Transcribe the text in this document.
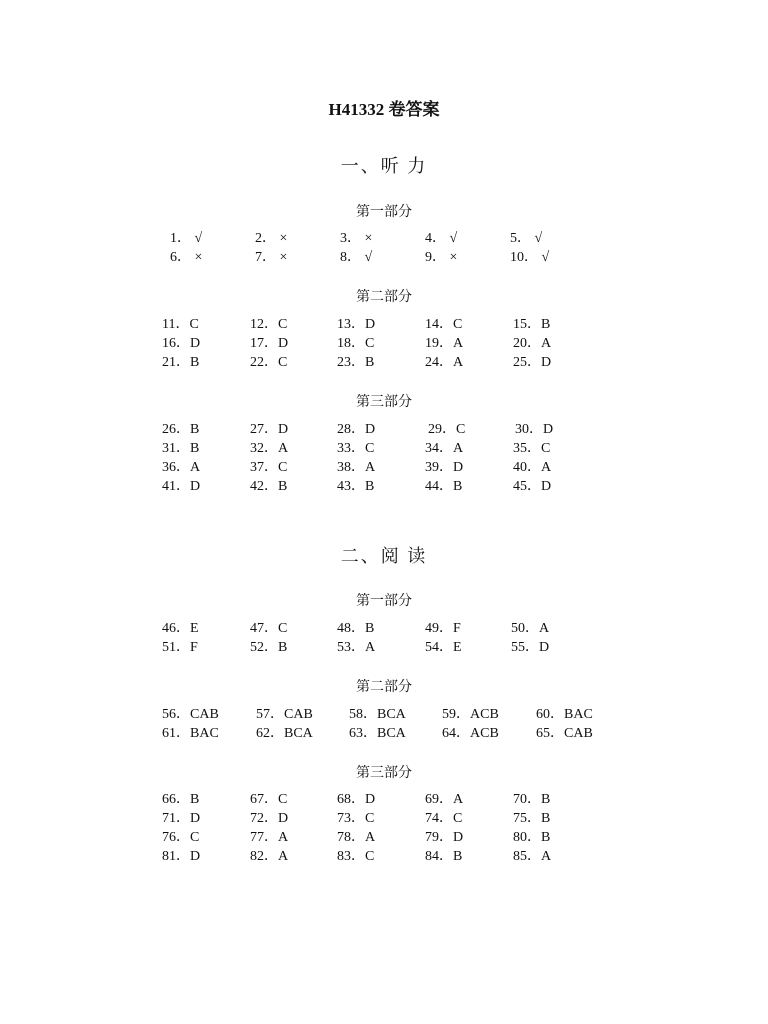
H41332 卷答案
一、听 力
第一部分
1． √	2． ×	3． ×	4． √	5． √
6． ×	7． ×	8． √	9． ×	10． √
第二部分
11．C	12．C	13．D	14．C	15．B
16．D	17．D	18．C	19．A	20．A
21．B	22．C	23．B	24．A	25．D
第三部分
26．B	27．D	28．D	29．C	30．D
31．B	32．A	33．C	34．A	35．C
36．A	37．C	38．A	39．D	40．A
41．D	42．B	43．B	44．B	45．D
二、阅 读
第一部分
46．E	47．C	48．B	49．F	50．A
51．F	52．B	53．A	54．E	55．D
第二部分
56．CAB	57．CAB	58．BCA	59．ACB	60．BAC
61．BAC	62．BCA	63．BCA	64．ACB	65．CAB
第三部分
66．B	67．C	68．D	69．A	70．B
71．D	72．D	73．C	74．C	75．B
76．C	77．A	78．A	79．D	80．B
81．D	82．A	83．C	84．B	85．A
